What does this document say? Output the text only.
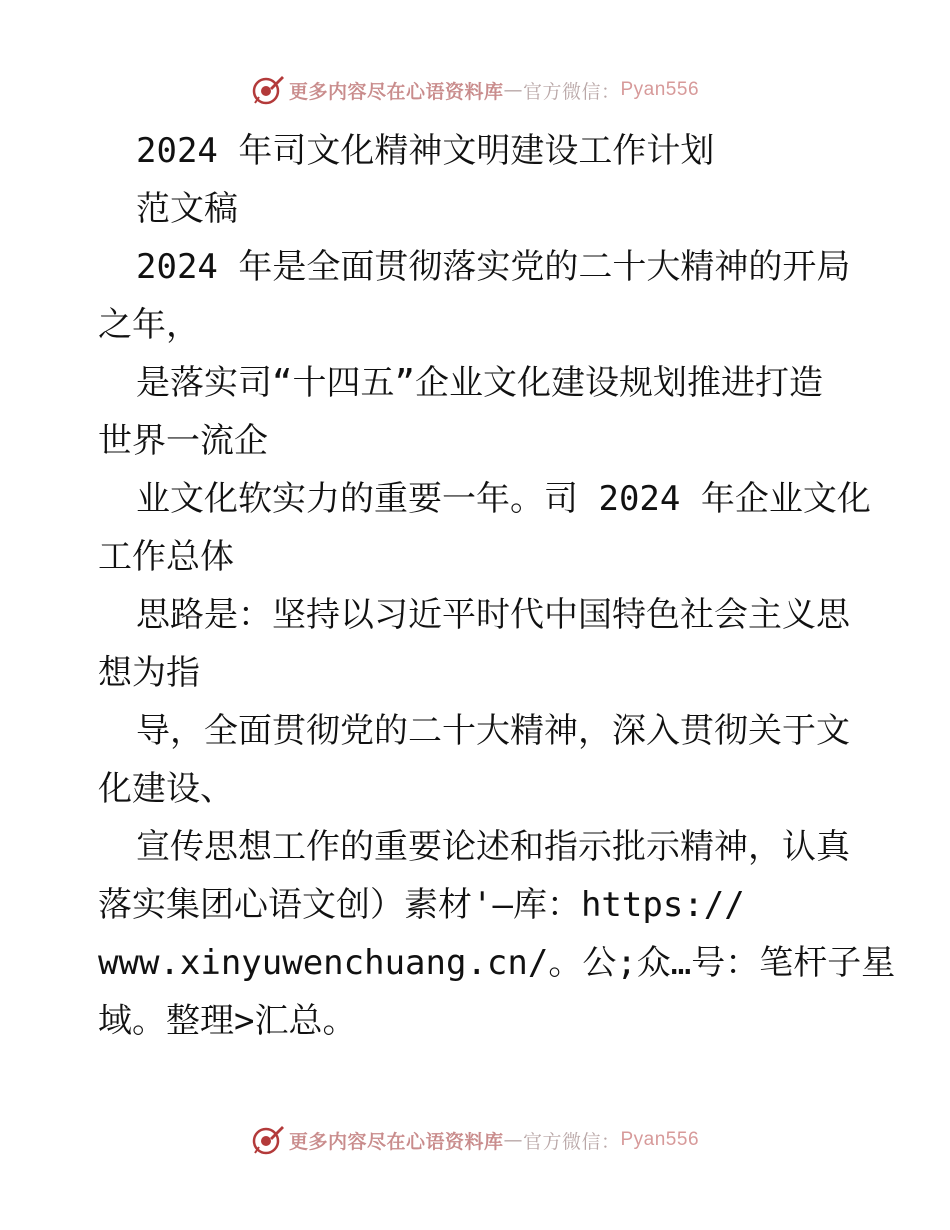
更多内容尽在心语资料库 — 官方微信： Pyan556
2024 年司文化精神文明建设工作计划
范文稿
2024 年是全面贯彻落实党的二十大精神的开局
之年，
是落实司“十四五”企业文化建设规划推进打造
世界一流企
业文化软实力的重要一年。司 2024 年企业文化
工作总体
思路是：坚持以习近平时代中国特色社会主义思
想为指
导，全面贯彻党的二十大精神，深入贯彻关于文
化建设、
宣传思想工作的重要论述和指示批示精神，认真
落实集团心语文创）素材'—库：https://
www.xinyuwenchuang.cn/。公;众…号：笔杆子星
域。整理>汇总。
更多内容尽在心语资料库 — 官方微信： Pyan556
